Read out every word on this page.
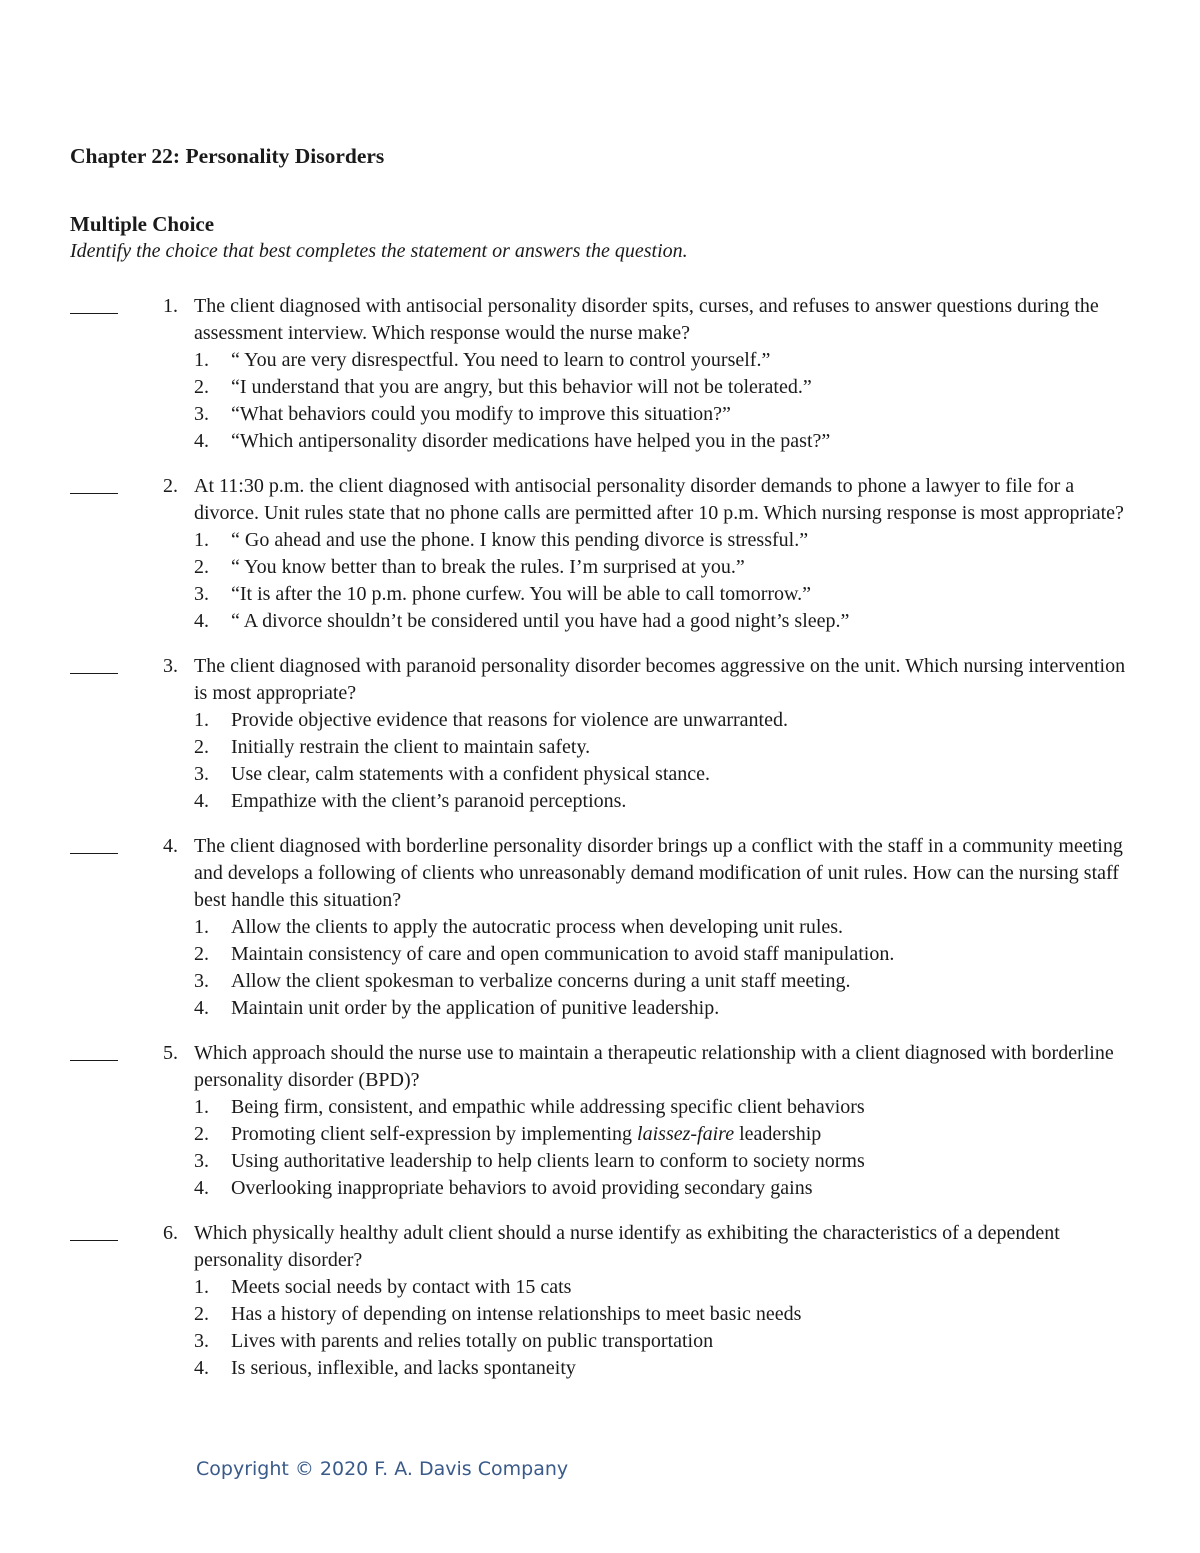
Chapter 22: Personality Disorders
Multiple Choice

Identify the choice that best completes the statement or answers the question.

1. The client diagnosed with antisocial personality disorder spits, curses, and refuses to answer questions during the assessment interview. Which response would the nurse make?
1. “ You are very disrespectful. You need to learn to control yourself.”
2. “I understand that you are angry, but this behavior will not be tolerated.”
3. “What behaviors could you modify to improve this situation?”
4. “Which antipersonality disorder medications have helped you in the past?”
2. At 11:30 p.m. the client diagnosed with antisocial personality disorder demands to phone a lawyer to file for a divorce. Unit rules state that no phone calls are permitted after 10 p.m. Which nursing response is most appropriate?
1. “ Go ahead and use the phone. I know this pending divorce is stressful.”
2. “ You know better than to break the rules. I’m surprised at you.”
3. “It is after the 10 p.m. phone curfew. You will be able to call tomorrow.”
4. “ A divorce shouldn’t be considered until you have had a good night’s sleep.”
3. The client diagnosed with paranoid personality disorder becomes aggressive on the unit. Which nursing intervention is most appropriate?
1. Provide objective evidence that reasons for violence are unwarranted.
2. Initially restrain the client to maintain safety.
3. Use clear, calm statements with a confident physical stance.
4. Empathize with the client’s paranoid perceptions.
4. The client diagnosed with borderline personality disorder brings up a conflict with the staff in a community meeting and develops a following of clients who unreasonably demand modification of unit rules. How can the nursing staff best handle this situation?
1. Allow the clients to apply the autocratic process when developing unit rules.
2. Maintain consistency of care and open communication to avoid staff manipulation.
3. Allow the client spokesman to verbalize concerns during a unit staff meeting.
4. Maintain unit order by the application of punitive leadership.
5. Which approach should the nurse use to maintain a therapeutic relationship with a client diagnosed with borderline personality disorder (BPD)?
1. Being firm, consistent, and empathic while addressing specific client behaviors
2. Promoting client self-expression by implementing laissez-faire leadership
3. Using authoritative leadership to help clients learn to conform to society norms
4. Overlooking inappropriate behaviors to avoid providing secondary gains
6. Which physically healthy adult client should a nurse identify as exhibiting the characteristics of a dependent personality disorder?
1. Meets social needs by contact with 15 cats
2. Has a history of depending on intense relationships to meet basic needs
3. Lives with parents and relies totally on public transportation
4. Is serious, inflexible, and lacks spontaneity
Copyright © 2020 F. A. Davis Company
